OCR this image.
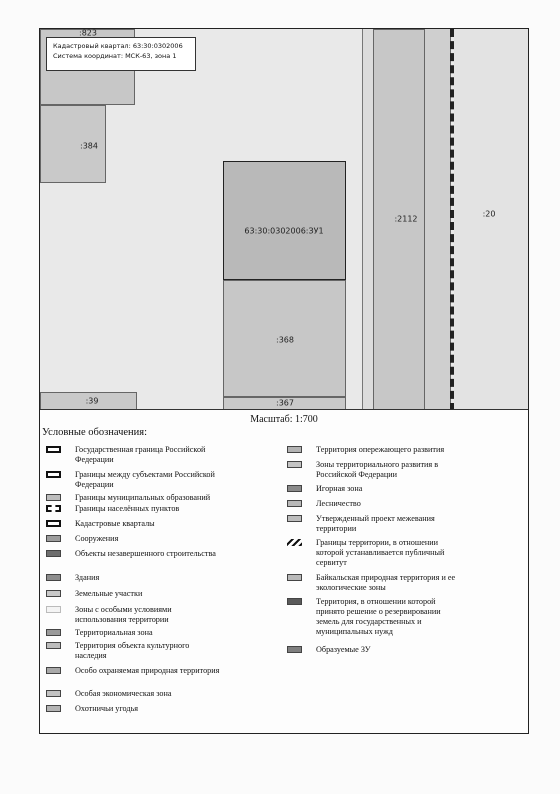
:823
:384
63:30:0302006:ЗУ1
:368
:367
:39
:2112
:20
Кадастровый квартал: 63:30:0302006
Система координат: МСК-63, зона 1
Масштаб: 1:700
Условные обозначения:
Государственная граница Российской Федерации
Границы между субъектами Российской Федерации
Границы муниципальных образований
Границы населённых пунктов
Кадастровые кварталы
Сооружения
Объекты незавершенного строительства
Здания
Земельные участки
Зоны с особыми условиями использования территории
Территориальная зона
Территория объекта культурного наследия
Особо охраняемая природная территория
Особая экономическая зона
Охотничьи угодья
Территория опережающего развития
Зоны территориального развития в Российской Федерации
Игорная зона
Лесничество
Утвержденный проект межевания территории
Границы территории, в отношении которой устанавливается публичный сервитут
Байкальская природная территория и ее экологические зоны
Территория, в отношении которой принято решение о резервировании земель для государственных и муниципальных нужд
Образуемые ЗУ
